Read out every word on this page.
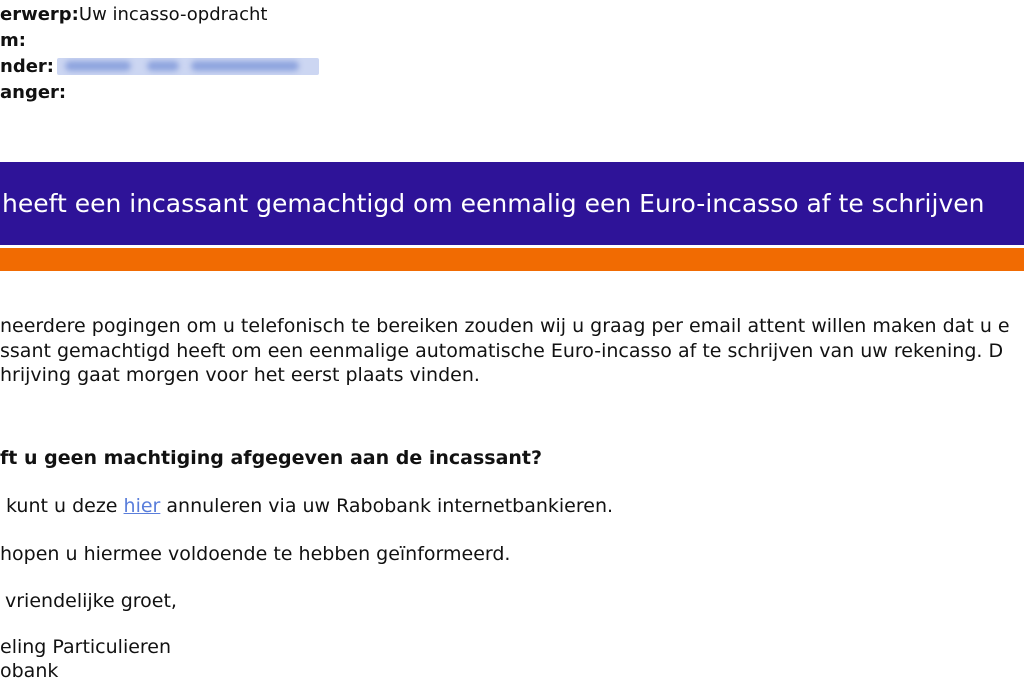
erwerp:Uw incasso-opdracht
m:
nder:
anger:
heeft een incassant gemachtigd om eenmalig een Euro-incasso af te schrijven
neerdere pogingen om u telefonisch te bereiken zouden wij u graag per email attent willen maken dat u e
ssant gemachtigd heeft om een eenmalige automatische Euro-incasso af te schrijven van uw rekening. D
hrijving gaat morgen voor het eerst plaats vinden.
ft u geen machtiging afgegeven aan de incassant?
kunt u deze hier annuleren via uw Rabobank internetbankieren.
hopen u hiermee voldoende te hebben geïnformeerd.
vriendelijke groet,
eling Particulieren
obank
